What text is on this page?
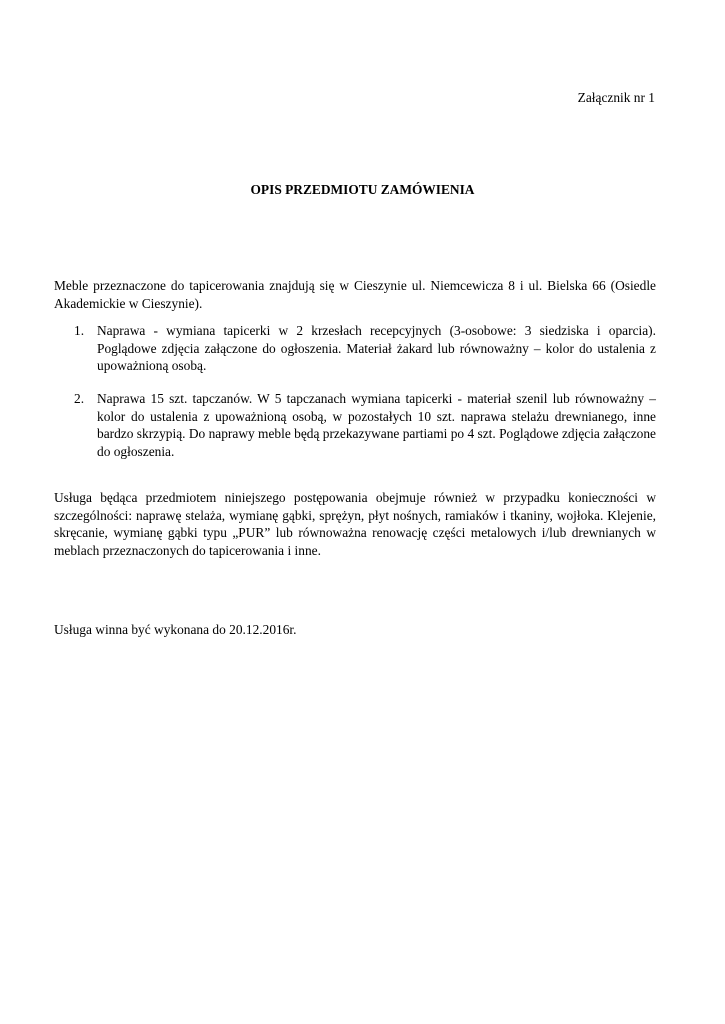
Załącznik nr 1
OPIS PRZEDMIOTU ZAMÓWIENIA

Meble przeznaczone do tapicerowania znajdują się w Cieszynie ul. Niemcewicza 8 i ul. Bielska 66 (Osiedle Akademickie w Cieszynie).

1. Naprawa - wymiana tapicerki w 2 krzesłach recepcyjnych (3-osobowe: 3 siedziska i oparcia). Poglądowe zdjęcia załączone do ogłoszenia. Materiał żakard lub równoważny – kolor do ustalenia z upoważnioną osobą.
2. Naprawa 15 szt. tapczanów. W 5 tapczanach wymiana tapicerki - materiał szenil lub równoważny – kolor do ustalenia z upoważnioną osobą, w pozostałych 10 szt. naprawa stelażu drewnianego, inne bardzo skrzypią. Do naprawy meble będą przekazywane partiami po 4 szt. Poglądowe zdjęcia załączone do ogłoszenia.

Usługa będąca przedmiotem niniejszego postępowania obejmuje również w przypadku konieczności w szczególności: naprawę stelaża, wymianę gąbki, sprężyn, płyt nośnych, ramiaków i tkaniny, wojłoka. Klejenie, skręcanie, wymianę gąbki typu „PUR” lub równoważna renowację części metalowych i/lub drewnianych w meblach przeznaczonych do tapicerowania i inne.

Usługa winna być wykonana do 20.12.2016r.
